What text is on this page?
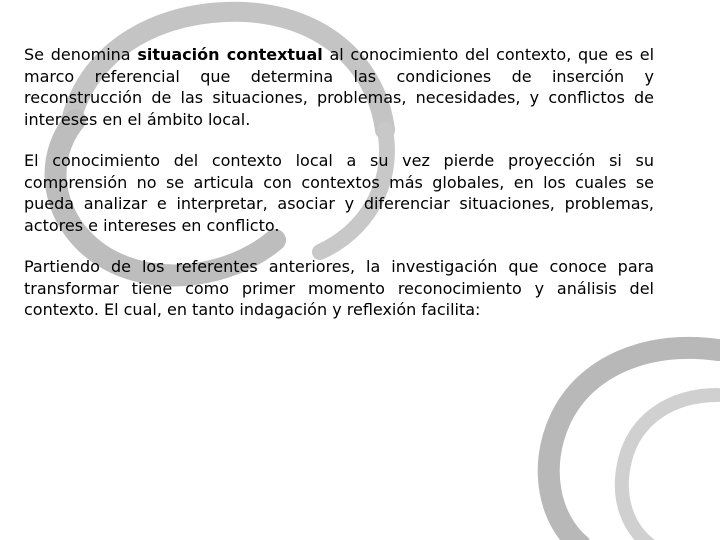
Se denomina situación contextual al conocimiento del contexto, que es el marco referencial que determina las condiciones de inserción y reconstrucción de las situaciones, problemas, necesidades, y conflictos de intereses en el ámbito local.

El conocimiento del contexto local a su vez pierde proyección si su comprensión no se articula con contextos más globales, en los cuales se pueda analizar e interpretar, asociar y diferenciar situaciones, problemas, actores e intereses en conflicto.

Partiendo de los referentes anteriores, la investigación que conoce para transformar tiene como primer momento reconocimiento y análisis del contexto. El cual, en tanto indagación y reflexión facilita:
